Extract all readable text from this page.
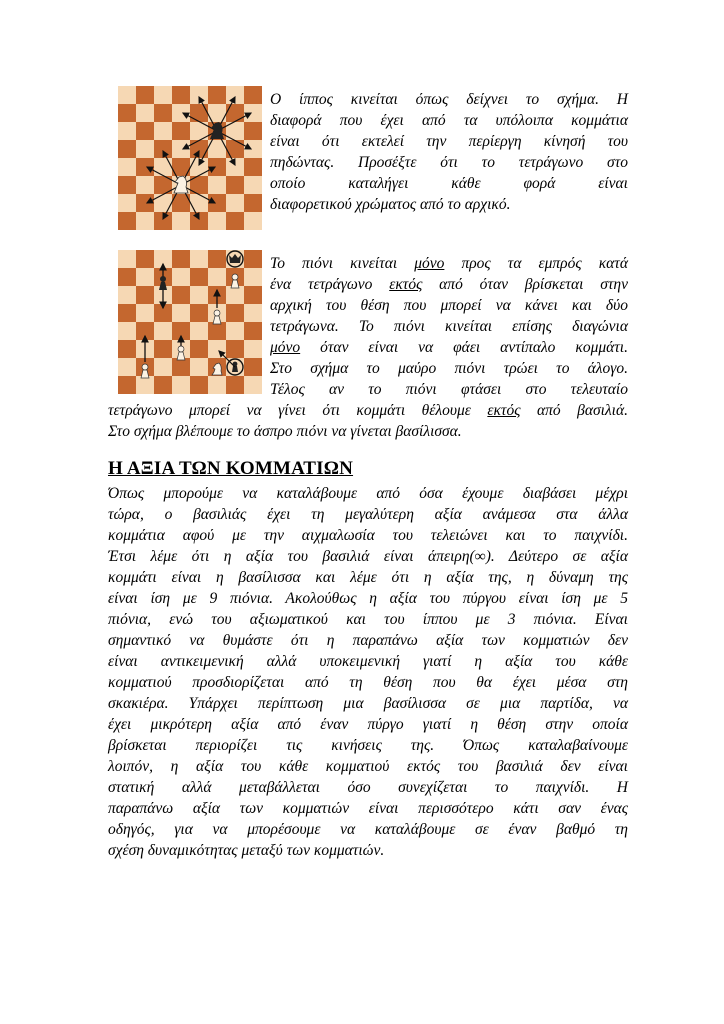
Ο ίππος κινείται όπως δείχνει το σχήμα. Η
διαφορά που έχει από τα υπόλοιπα κομμάτια
είναι ότι εκτελεί την περίεργη κίνησή του
πηδώντας. Προσέξτε ότι το τετράγωνο στο
οποίο καταλήγει κάθε φορά είναι

διαφορετικού χρώματος από το αρχικό.

Το πιόνι κινείται μόνο προς τα εμπρός κατά
ένα τετράγωνο εκτός από όταν βρίσκεται στην
αρχική του θέση που μπορεί να κάνει και δύο
τετράγωνα. Το πιόνι κινείται επίσης διαγώνια
μόνο όταν είναι να φάει αντίπαλο κομμάτι.
Στο σχήμα το μαύρο πιόνι τρώει το άλογο.
Τέλος αν το πιόνι φτάσει στο τελευταίο

τετράγωνο μπορεί να γίνει ότι κομμάτι θέλουμε εκτός από βασιλιά.

Στο σχήμα βλέπουμε το άσπρο πιόνι να γίνεται βασίλισσα.

Η ΑΞΙΑ ΤΩΝ ΚΟΜΜΑΤΙΩΝ

Όπως μπορούμε να καταλάβουμε από όσα έχουμε διαβάσει μέχρι
τώρα, ο βασιλιάς έχει τη μεγαλύτερη αξία ανάμεσα στα άλλα
κομμάτια αφού με την αιχμαλωσία του τελειώνει και το παιχνίδι.
Έτσι λέμε ότι η αξία του βασιλιά είναι άπειρη(∞). Δεύτερο σε αξία
κομμάτι είναι η βασίλισσα και λέμε ότι η αξία της, η δύναμη της
είναι ίση με 9 πιόνια. Ακολούθως η αξία του πύργου είναι ίση με 5
πιόνια, ενώ του αξιωματικού και του ίππου με 3 πιόνια. Είναι
σημαντικό να θυμάστε ότι η παραπάνω αξία των κομματιών δεν
είναι αντικειμενική αλλά υποκειμενική γιατί η αξία του κάθε
κομματιού προσδιορίζεται από τη θέση που θα έχει μέσα στη
σκακιέρα. Υπάρχει περίπτωση μια βασίλισσα σε μια παρτίδα, να
έχει μικρότερη αξία από έναν πύργο γιατί η θέση στην οποία
βρίσκεται περιορίζει τις κινήσεις της. Όπως καταλαβαίνουμε
λοιπόν, η αξία του κάθε κομματιού εκτός του βασιλιά δεν είναι
στατική αλλά μεταβάλλεται όσο συνεχίζεται το παιχνίδι. Η
παραπάνω αξία των κομματιών είναι περισσότερο κάτι σαν ένας
οδηγός, για να μπορέσουμε να καταλάβουμε σε έναν βαθμό τη

σχέση δυναμικότητας μεταξύ των κομματιών.
